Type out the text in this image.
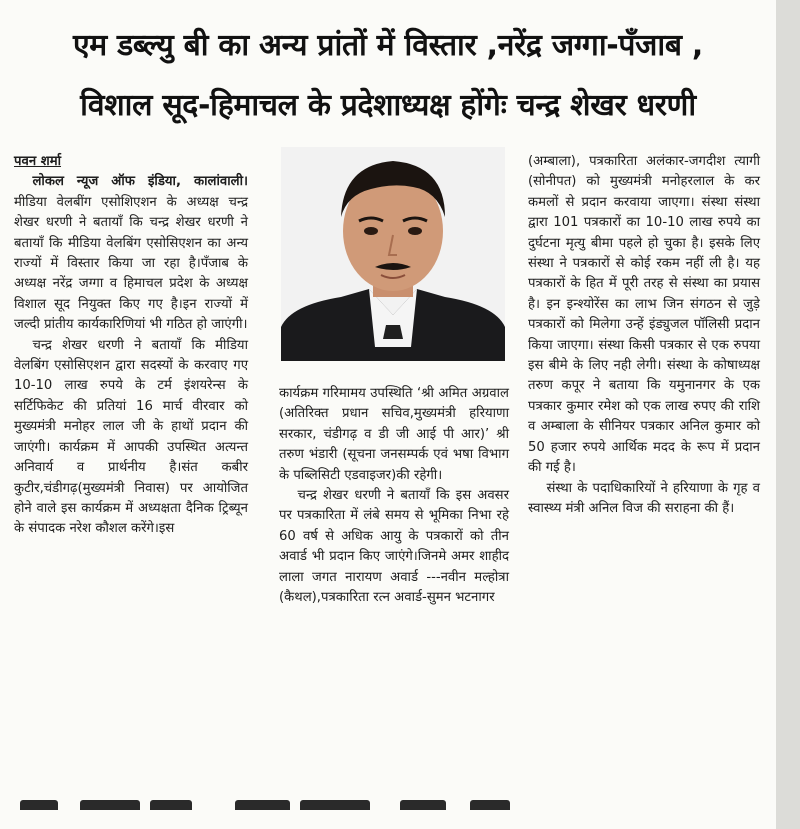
एम डब्ल्यु बी का अन्य प्रांतों में विस्तार ,नरेंद्र जग्गा-पँजाब ,
विशाल सूद-हिमाचल के प्रदेशाध्यक्ष होंगेः चन्द्र शेखर धरणी
पवन शर्मा

लोकल न्यूज ऑफ इंडिया, कालांवाली। मीडिया वेलबींग एसोशिएशन के अध्यक्ष चन्द्र शेखर धरणी ने बतायाँ कि चन्द्र शेखर धरणी ने बतायाँ कि मीडिया वेलबिंग एसोसिएशन का अन्य राज्यों में विस्तार किया जा रहा है।पँजाब के अध्यक्ष नरेंद्र जग्गा व हिमाचल प्रदेश के अध्यक्ष विशाल सूद नियुक्त किए गए है।इन राज्यों में जल्दी प्रांतीय कार्यकारिणियां भी गठित हो जाएंगी।

चन्द्र शेखर धरणी ने बतायाँ कि मीडिया वेलबिंग एसोसिएशन द्वारा सदस्यों के करवाए गए 10-10 लाख रुपये के टर्म इंशयरेन्स के सर्टिफिकेट की प्रतियां 16 मार्च वीरवार को मुख्यमंत्री मनोहर लाल जी के हाथों प्रदान की जाएंगी। कार्यक्रम में आपकी उपस्थित अत्यन्त अनिवार्य व प्रार्थनीय है।संत कबीर कुटीर,चंडीगढ़(मुख्यमंत्री निवास) पर आयोजित होने वाले इस कार्यक्रम में अध्यक्षता दैनिक ट्रिब्यून के संपादक नरेश कौशल करेंगे।इस

कार्यक्रम गरिमामय उपस्थिति ‘श्री अमित अग्रवाल (अतिरिक्त प्रधान सचिव,मुख्यमंत्री हरियाणा सरकार, चंडीगढ़ व डी जी आई पी आर)’ श्री तरुण भंडारी (सूचना जनसम्पर्क एवं भषा विभाग के पब्लिसिटी एडवाइजर)की रहेगी।

चन्द्र शेखर धरणी ने बतायाँ कि इस अवसर पर पत्रकारिता में लंबे समय से भूमिका निभा रहे 60 वर्ष से अधिक आयु के पत्रकारों को तीन अवार्ड भी प्रदान किए जाएंगे।जिनमे अमर शाहीद लाला जगत नारायण अवार्ड ---नवीन मल्होत्रा (कैथल),पत्रकारिता रत्न अवार्ड-सुमन भटनागर

(अम्बाला), पत्रकारिता अलंकार-जगदीश त्यागी (सोनीपत) को मुख्यमंत्री मनोहरलाल के कर कमलों से प्रदान करवाया जाएगा। संस्था संस्था द्वारा 101 पत्रकारों का 10-10 लाख रुपये का दुर्घटना मृत्यु बीमा पहले हो चुका है। इसके लिए संस्था ने पत्रकारों से कोई रकम नहीं ली है। यह पत्रकारों के हित में पूरी तरह से संस्था का प्रयास है। इन इन्श्योरेंस का लाभ जिन संगठन से जुड़े पत्रकारों को मिलेगा उन्हें इंड्युजल पॉलिसी प्रदान किया जाएगा। संस्था किसी पत्रकार से एक रुपया इस बीमे के लिए नही लेगी। संस्था के कोषाध्यक्ष तरुण कपूर ने बताया कि यमुनानगर के एक पत्रकार कुमार रमेश को एक लाख रुपए की राशि व अम्बाला के सीनियर पत्रकार अनिल कुमार को 50 हजार रुपये आर्थिक मदद के रूप में प्रदान की गई है।

संस्था के पदाधिकारियों ने हरियाणा के गृह व स्वास्थ्य मंत्री अनिल विज की सराहना की हैं।
